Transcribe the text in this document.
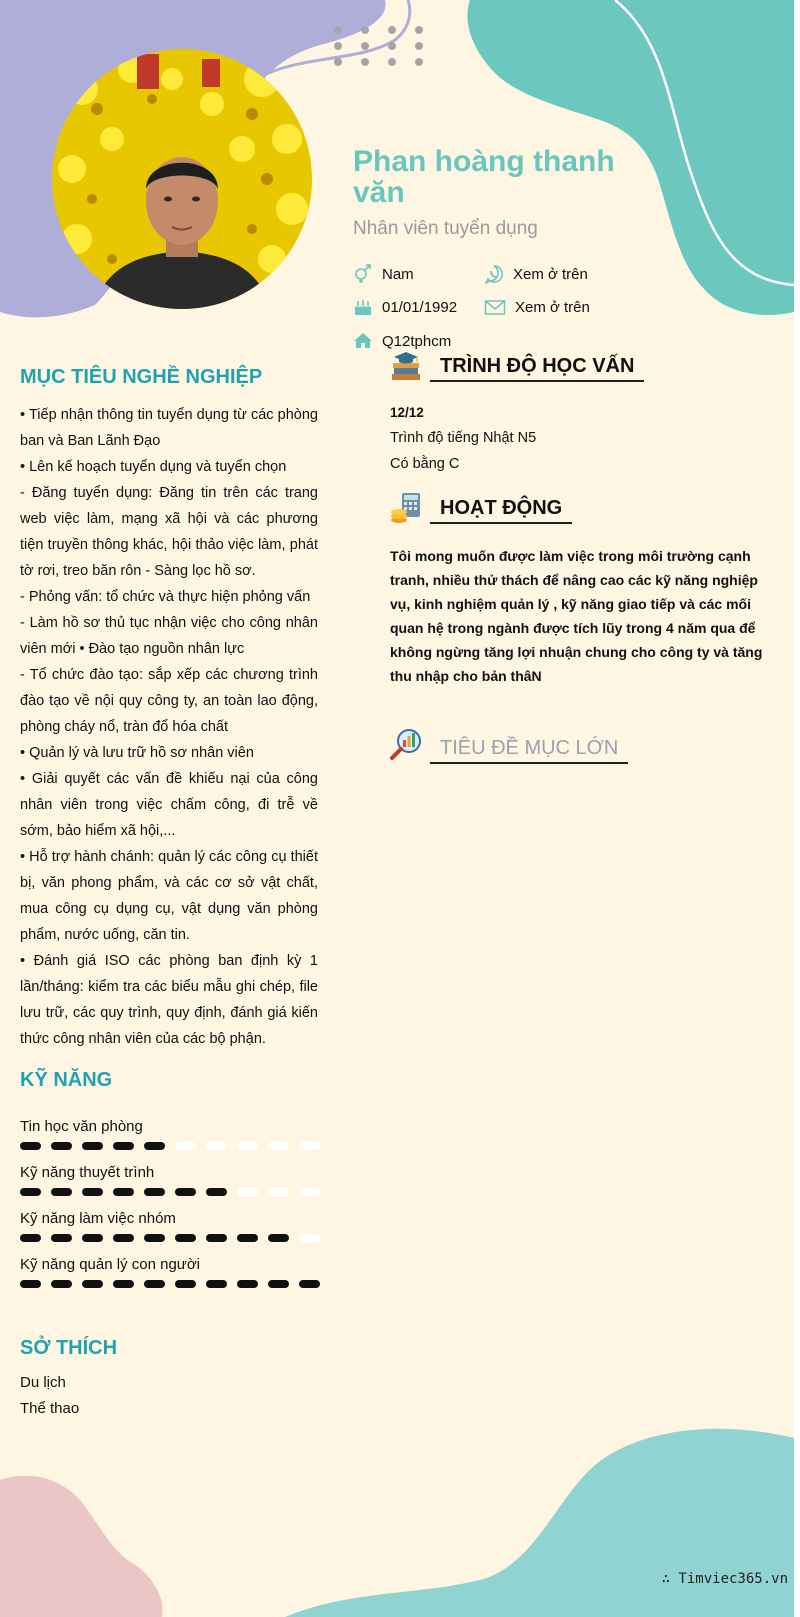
Phan hoàng thanh văn
Nhân viên tuyển dụng
Nam	Xem ở trên
01/01/1992	Xem ở trên
Q12tphcm
MỤC TIÊU NGHỀ NGHIỆP

• Tiếp nhận thông tin tuyển dụng từ các phòng ban và Ban Lãnh Đạo

• Lên kế hoạch tuyển dụng và tuyển chọn

- Đăng tuyển dụng: Đăng tin trên các trang web việc làm, mạng xã hội và các phương tiện truyền thông khác, hội thảo việc làm, phát tờ rơi, treo băn rôn - Sàng lọc hồ sơ.

- Phỏng vấn: tổ chức và thực hiện phỏng vấn

- Làm hồ sơ thủ tục nhận việc cho công nhân viên mới • Đào tạo nguồn nhân lực

- Tổ chức đào tạo: sắp xếp các chương trình đào tạo về nội quy công ty, an toàn lao động, phòng cháy nổ, tràn đổ hóa chất

• Quản lý và lưu trữ hồ sơ nhân viên

• Giải quyết các vấn đề khiếu nại của công nhân viên trong việc chấm công, đi trễ về sớm, bảo hiểm xã hội,...

• Hỗ trợ hành chánh: quản lý các công cụ thiết bị, văn phong phẩm, và các cơ sở vật chất, mua công cụ dụng cụ, vật dụng văn phòng phẩm, nước uống, căn tin.

• Đánh giá ISO các phòng ban định kỳ 1 lần/tháng: kiểm tra các biểu mẫu ghi chép, file lưu trữ, các quy trình, quy định, đánh giá kiến thức công nhân viên của các bộ phận.

KỸ NĂNG
Tin học văn phòng
Kỹ năng thuyết trình
Kỹ năng làm việc nhóm
Kỹ năng quản lý con người
SỞ THÍCH
Du lịch
Thể thao
TRÌNH ĐỘ HỌC VẤN
12/12
Trình độ tiếng Nhật N5
Có bằng C
HOẠT ĐỘNG
Tôi mong muốn được làm việc trong môi trường cạnh tranh, nhiều thử thách để nâng cao các kỹ năng nghiệp vụ, kinh nghiệm quản lý , kỹ năng giao tiếp và các mối quan hệ trong ngành được tích lũy trong 4 năm qua để không ngừng tăng lợi nhuận chung cho công ty và tăng thu nhập cho bản thâN
TIÊU ĐỀ MỤC LỚN
∴ Timviec365.vn
